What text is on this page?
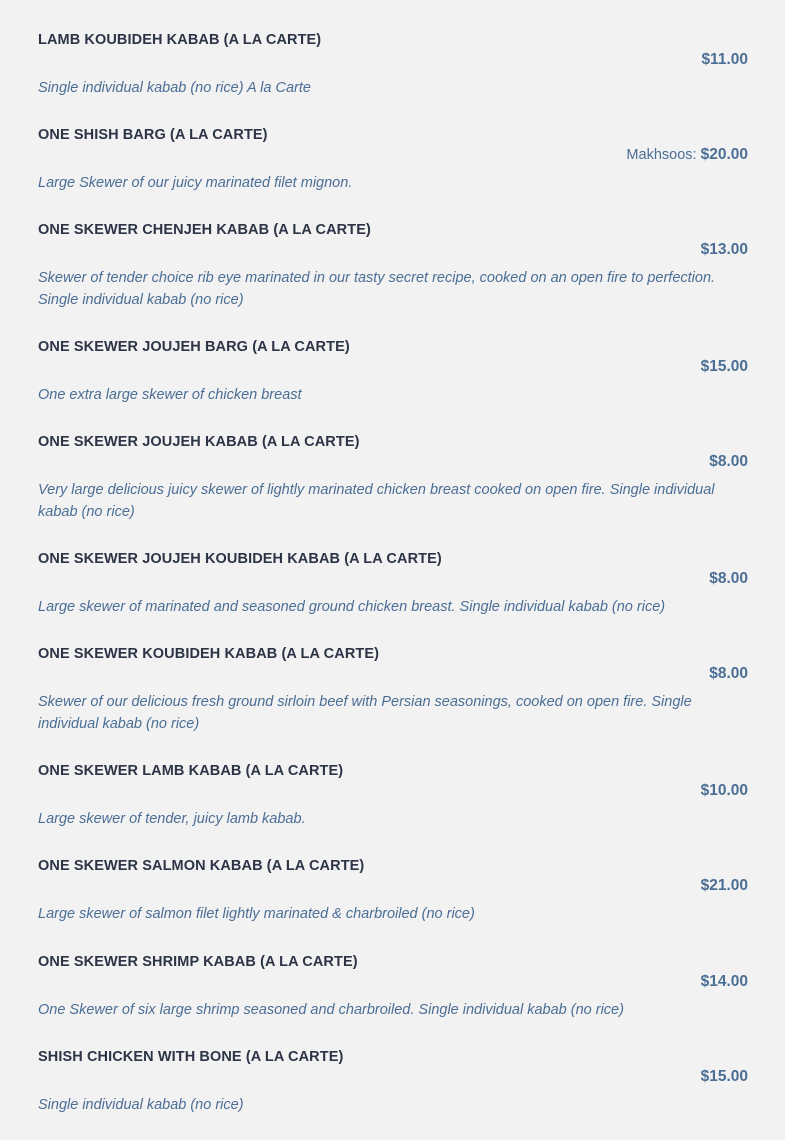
LAMB KOUBIDEH KABAB (A LA CARTE)
$11.00
Single individual kabab (no rice) A la Carte
ONE SHISH BARG (A LA CARTE)
Makhsoos: $20.00
Large Skewer of our juicy marinated filet mignon.
ONE SKEWER CHENJEH KABAB (A LA CARTE)
$13.00
Skewer of tender choice rib eye marinated in our tasty secret recipe, cooked on an open fire to perfection. Single individual kabab (no rice)
ONE SKEWER JOUJEH BARG (A LA CARTE)
$15.00
One extra large skewer of chicken breast
ONE SKEWER JOUJEH KABAB (A LA CARTE)
$8.00
Very large delicious juicy skewer of lightly marinated chicken breast cooked on open fire. Single individual kabab (no rice)
ONE SKEWER JOUJEH KOUBIDEH KABAB (A LA CARTE)
$8.00
Large skewer of marinated and seasoned ground chicken breast. Single individual kabab (no rice)
ONE SKEWER KOUBIDEH KABAB (A LA CARTE)
$8.00
Skewer of our delicious fresh ground sirloin beef with Persian seasonings, cooked on open fire. Single individual kabab (no rice)
ONE SKEWER LAMB KABAB (A LA CARTE)
$10.00
Large skewer of tender, juicy lamb kabab.
ONE SKEWER SALMON KABAB (A LA CARTE)
$21.00
Large skewer of salmon filet lightly marinated & charbroiled (no rice)
ONE SKEWER SHRIMP KABAB (A LA CARTE)
$14.00
One Skewer of six large shrimp seasoned and charbroiled. Single individual kabab (no rice)
SHISH CHICKEN WITH BONE (A LA CARTE)
$15.00
Single individual kabab (no rice)
